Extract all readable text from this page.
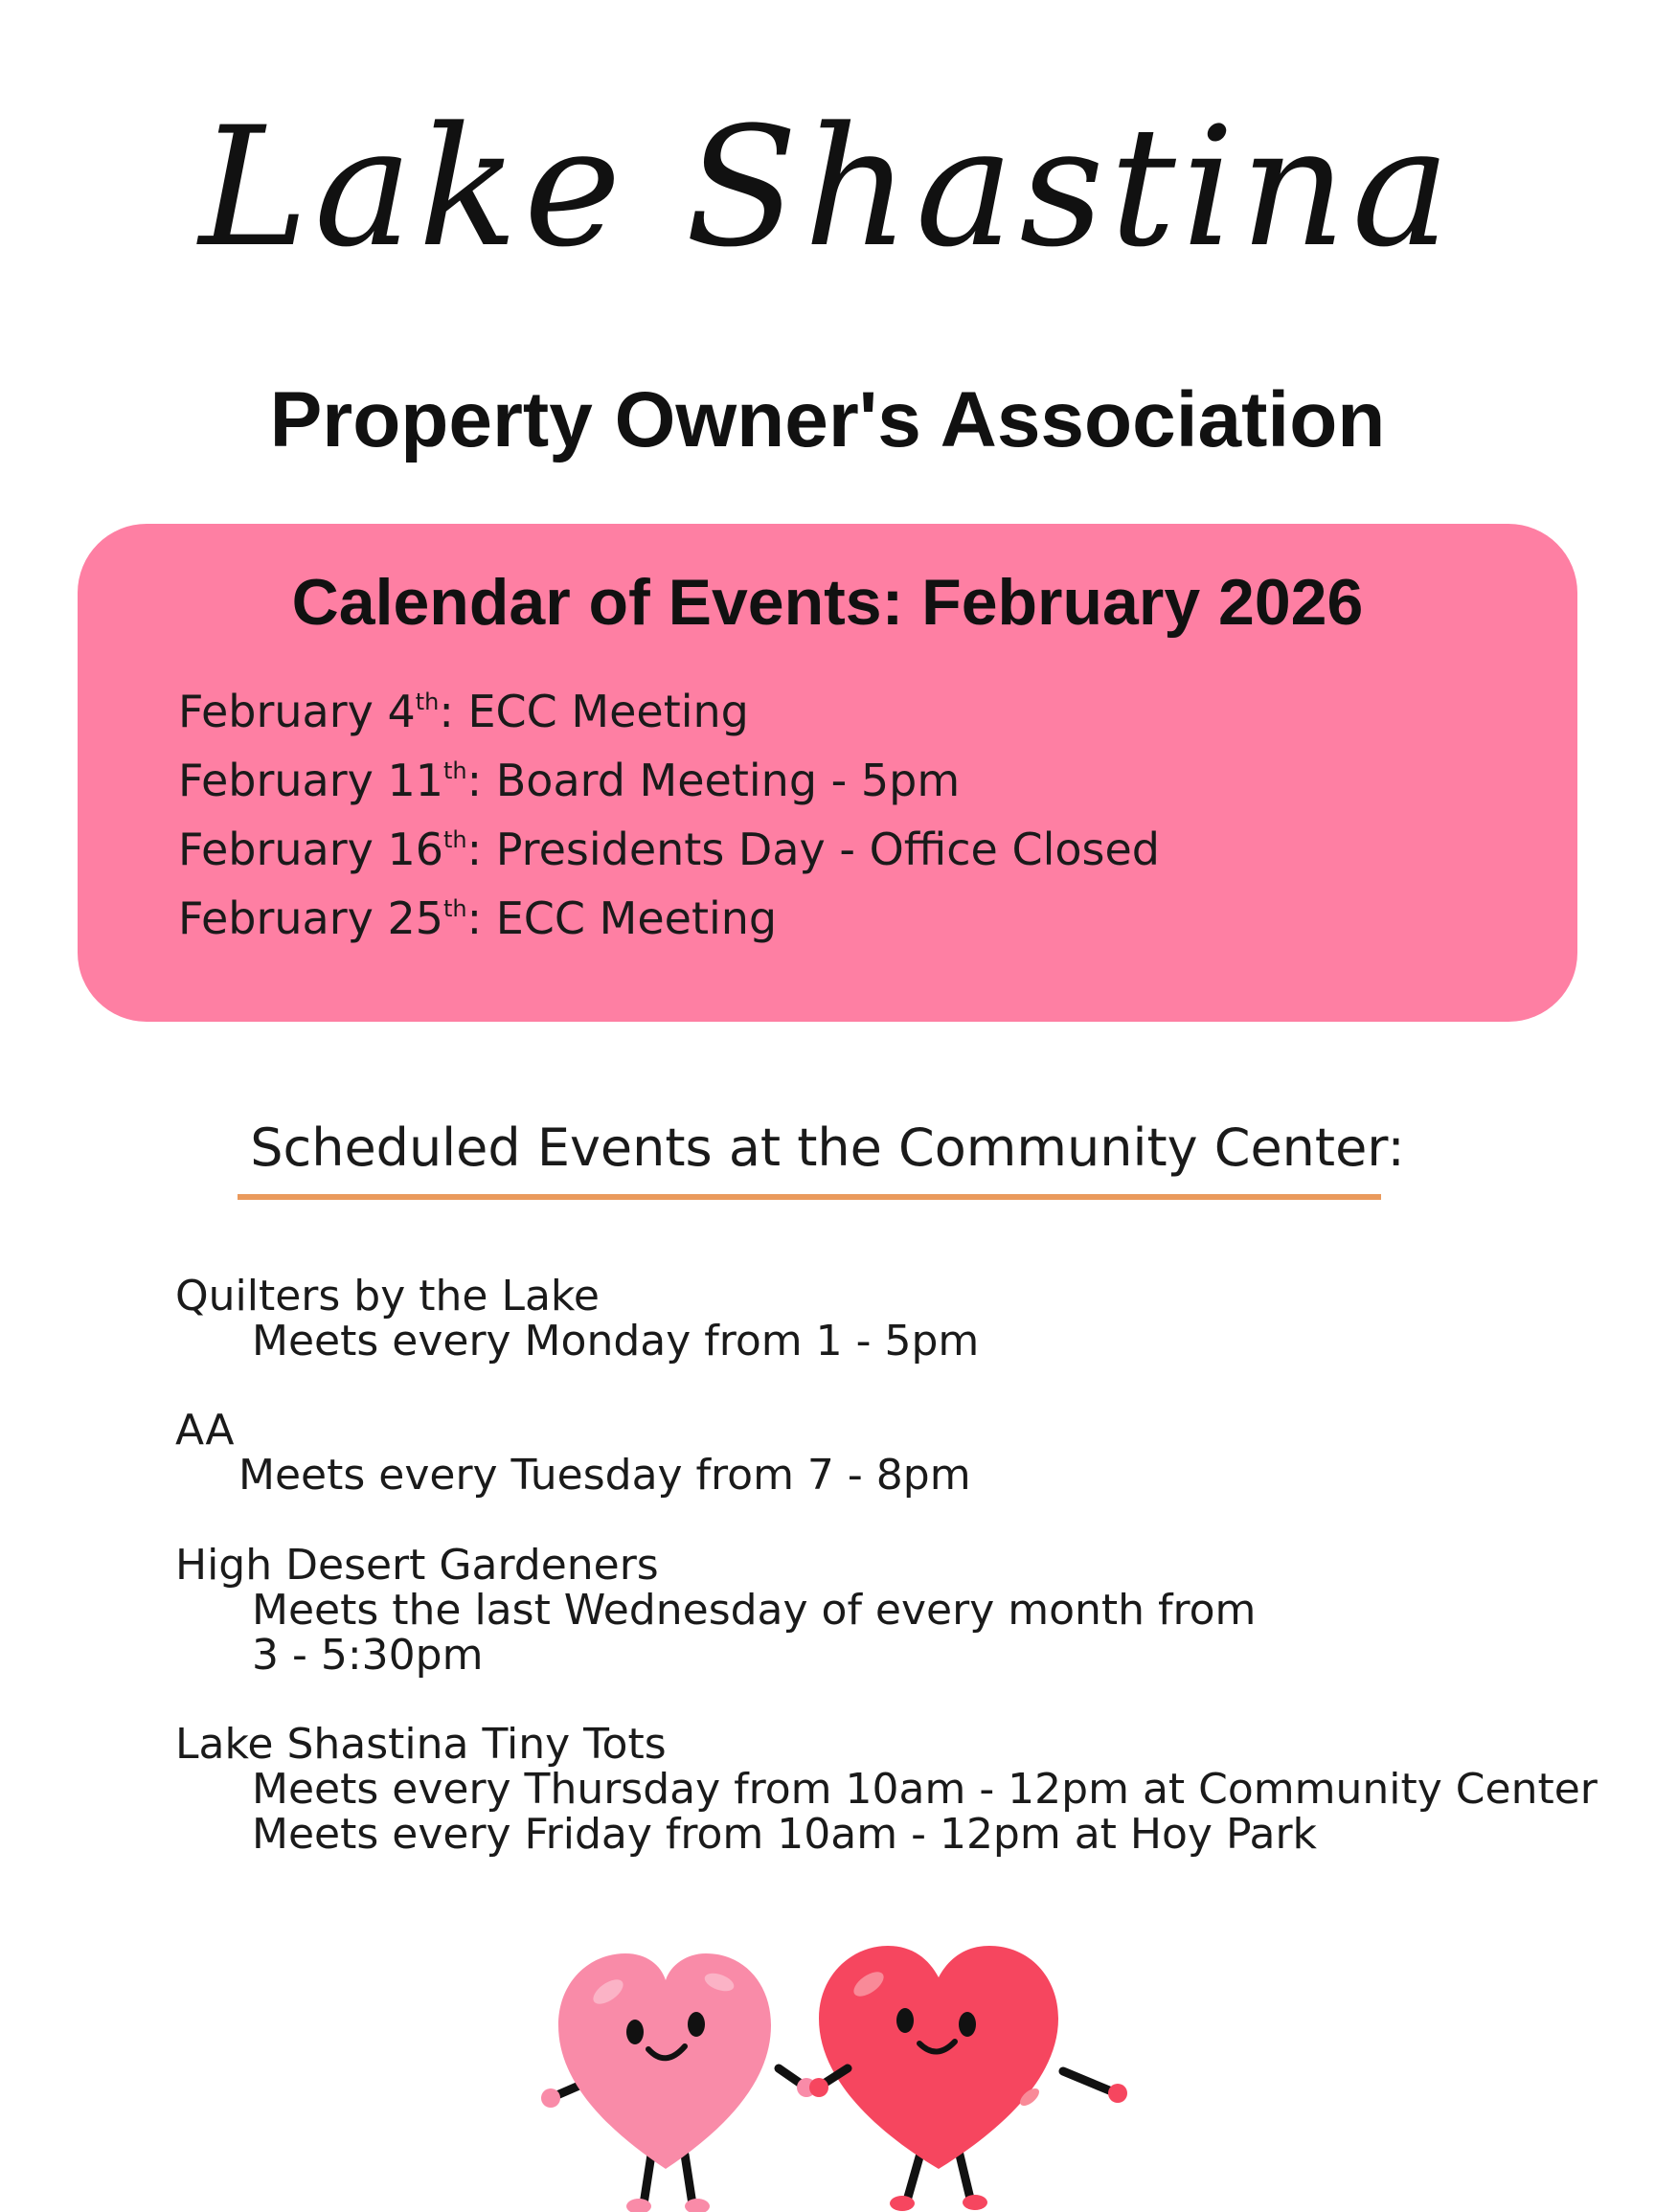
Lake Shastina
Property Owner's Association
Calendar of Events: February 2026
February 4th: ECC Meeting
February 11th: Board Meeting - 5pm
February 16th: Presidents Day - Office Closed
February 25th: ECC Meeting
Scheduled Events at the Community Center:
Quilters by the Lake
Meets every Monday from 1 - 5pm
AA
Meets every Tuesday from 7 - 8pm
High Desert Gardeners
Meets the last Wednesday of every month from
3 - 5:30pm
Lake Shastina Tiny Tots
Meets every Thursday from 10am - 12pm at Community Center
Meets every Friday from 10am - 12pm at Hoy Park
